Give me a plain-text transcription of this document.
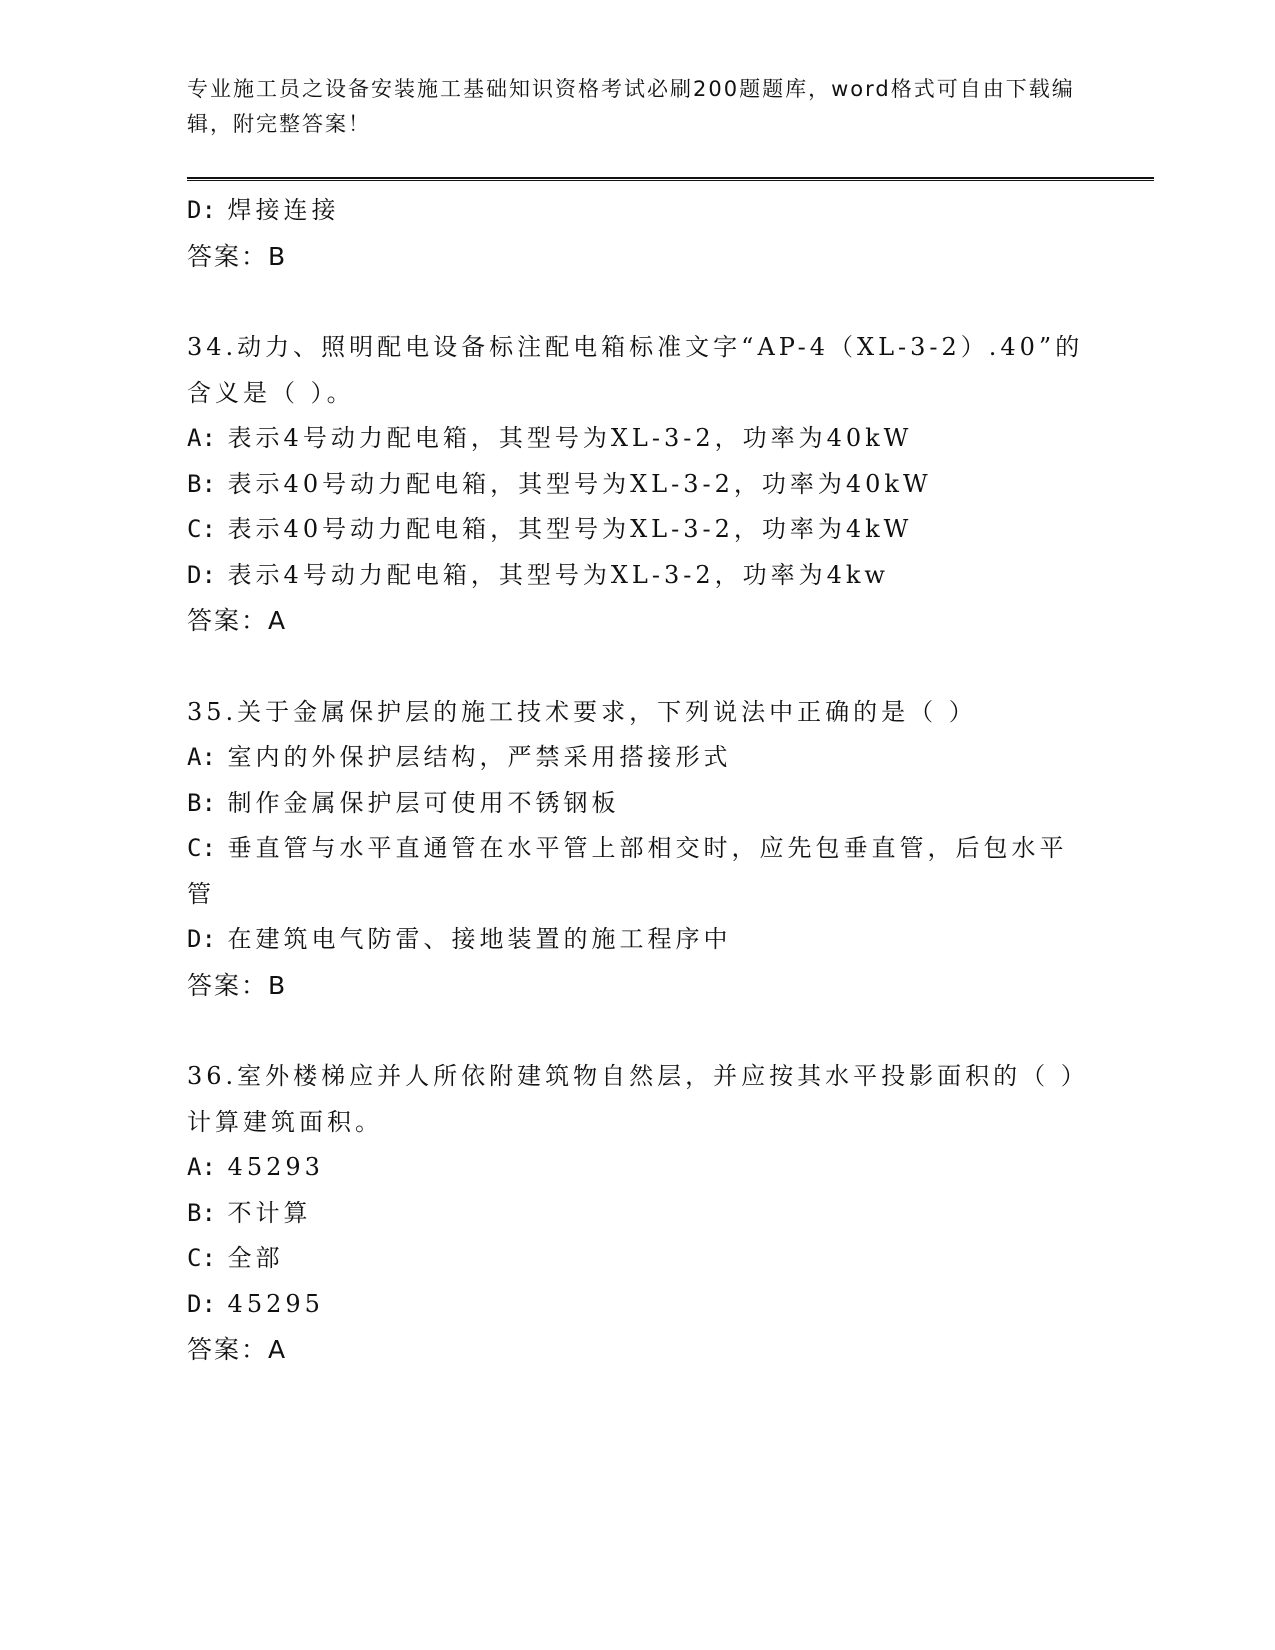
专业施工员之设备安装施工基础知识资格考试必刷200题题库，word格式可自由下载编辑，附完整答案！
D: 焊接连接
答案：B
34.动力、照明配电设备标注配电箱标准文字“AP-4（XL-3-2）.40”的含义是（ ）。
A: 表示4号动力配电箱，其型号为XL-3-2，功率为40kW
B: 表示40号动力配电箱，其型号为XL-3-2，功率为40kW
C: 表示40号动力配电箱，其型号为XL-3-2，功率为4kW
D: 表示4号动力配电箱，其型号为XL-3-2，功率为4kw
答案：A
35.关于金属保护层的施工技术要求，下列说法中正确的是（ ）
A: 室内的外保护层结构，严禁采用搭接形式
B: 制作金属保护层可使用不锈钢板
C: 垂直管与水平直通管在水平管上部相交时，应先包垂直管，后包水平管
D: 在建筑电气防雷、接地装置的施工程序中
答案：B
36.室外楼梯应并人所依附建筑物自然层，并应按其水平投影面积的（ ）计算建筑面积。
A: 45293
B: 不计算
C: 全部
D: 45295
答案：A
